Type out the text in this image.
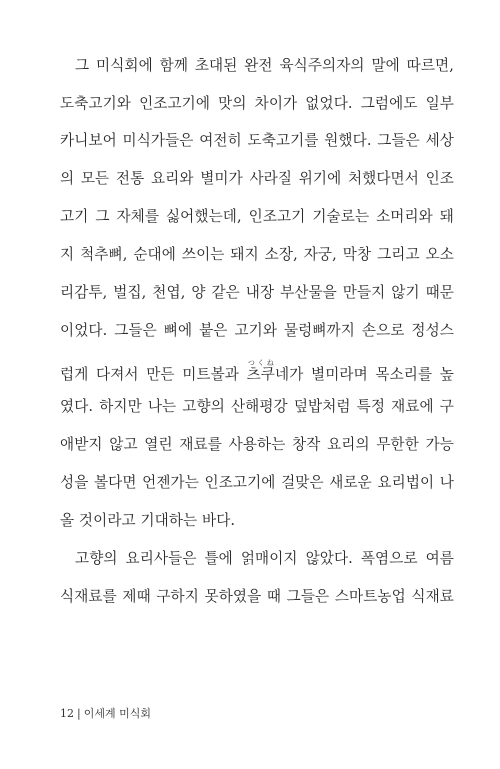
그 미식회에 함께 초대된 완전 육식주의자의 말에 따르면,
도축고기와 인조고기에 맛의 차이가 없었다. 그럼에도 일부
카니보어 미식가들은 여전히 도축고기를 원했다. 그들은 세상
의 모든 전통 요리와 별미가 사라질 위기에 처했다면서 인조
고기 그 자체를 싫어했는데, 인조고기 기술로는 소머리와 돼
지 척추뼈, 순대에 쓰이는 돼지 소장, 자궁, 막창 그리고 오소
리감투, 벌집, 천엽, 양 같은 내장 부산물을 만들지 않기 때문
이었다. 그들은 뼈에 붙은 고기와 물렁뼈까지 손으로 정성스
럽게 다져서 만든 미트볼과 츠쿠つくね네가 별미라며 목소리를 높
였다. 하지만 나는 고향의 산해평강 덮밥처럼 특정 재료에 구
애받지 않고 열린 재료를 사용하는 창작 요리의 무한한 가능
성을 볼다면 언젠가는 인조고기에 걸맞은 새로운 요리법이 나
올 것이라고 기대하는 바다.
고향의 요리사들은 틀에 얽매이지 않았다. 폭염으로 여름
식재료를 제때 구하지 못하였을 때 그들은 스마트농업 식재료
12 | 이세계 미식회
